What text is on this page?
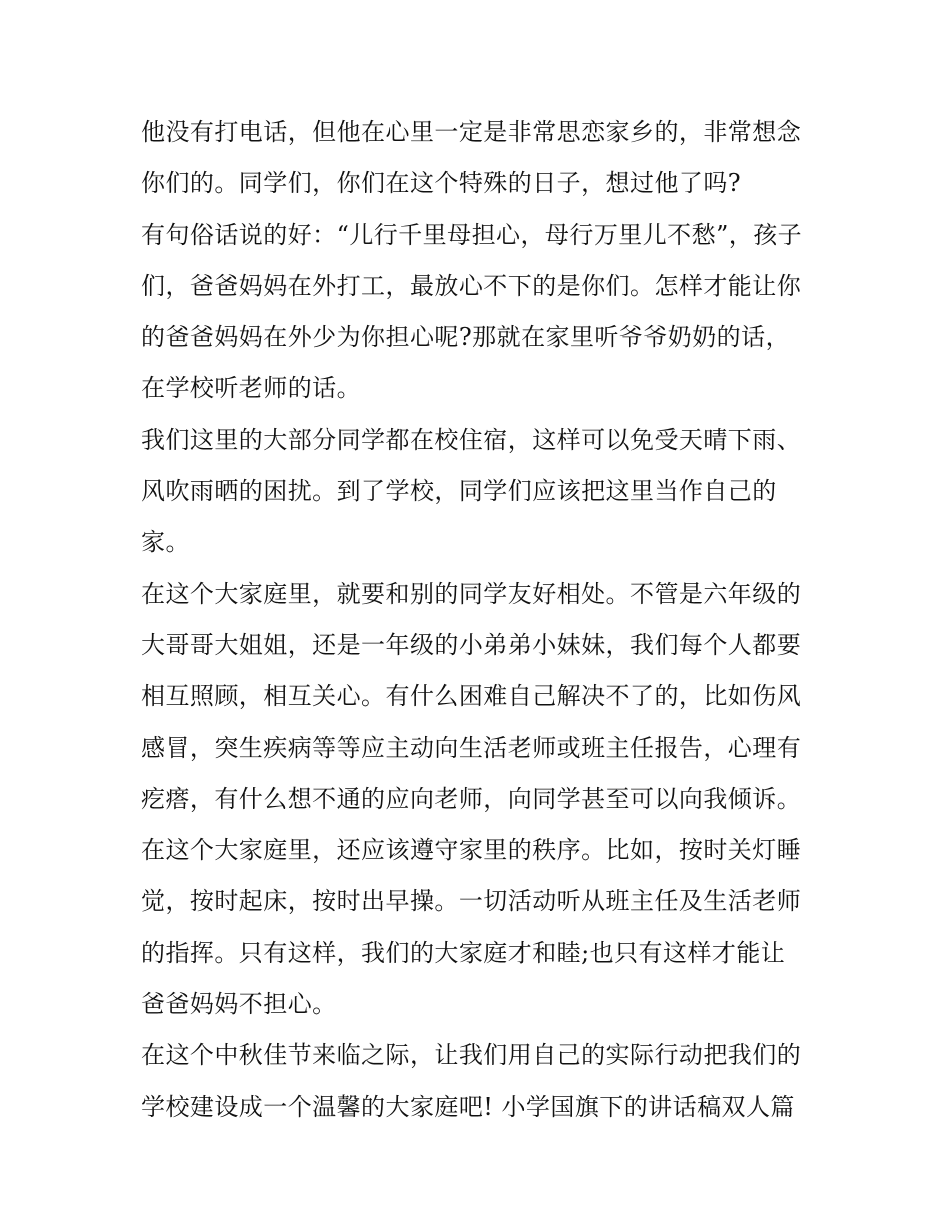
他没有打电话，但他在心里一定是非常思恋家乡的，非常想念
你们的。同学们，你们在这个特殊的日子，想过他了吗?
有句俗话说的好：“儿行千里母担心，母行万里儿不愁”，孩子
们，爸爸妈妈在外打工，最放心不下的是你们。怎样才能让你
的爸爸妈妈在外少为你担心呢?那就在家里听爷爷奶奶的话，
在学校听老师的话。
我们这里的大部分同学都在校住宿，这样可以免受天晴下雨、
风吹雨晒的困扰。到了学校，同学们应该把这里当作自己的
家。
在这个大家庭里，就要和别的同学友好相处。不管是六年级的
大哥哥大姐姐，还是一年级的小弟弟小妹妹，我们每个人都要
相互照顾，相互关心。有什么困难自己解决不了的，比如伤风
感冒，突生疾病等等应主动向生活老师或班主任报告，心理有
疙瘩，有什么想不通的应向老师，向同学甚至可以向我倾诉。
在这个大家庭里，还应该遵守家里的秩序。比如，按时关灯睡
觉，按时起床，按时出早操。一切活动听从班主任及生活老师
的指挥。只有这样，我们的大家庭才和睦;也只有这样才能让
爸爸妈妈不担心。
在这个中秋佳节来临之际，让我们用自己的实际行动把我们的
学校建设成一个温馨的大家庭吧! 小学国旗下的讲话稿双人篇
